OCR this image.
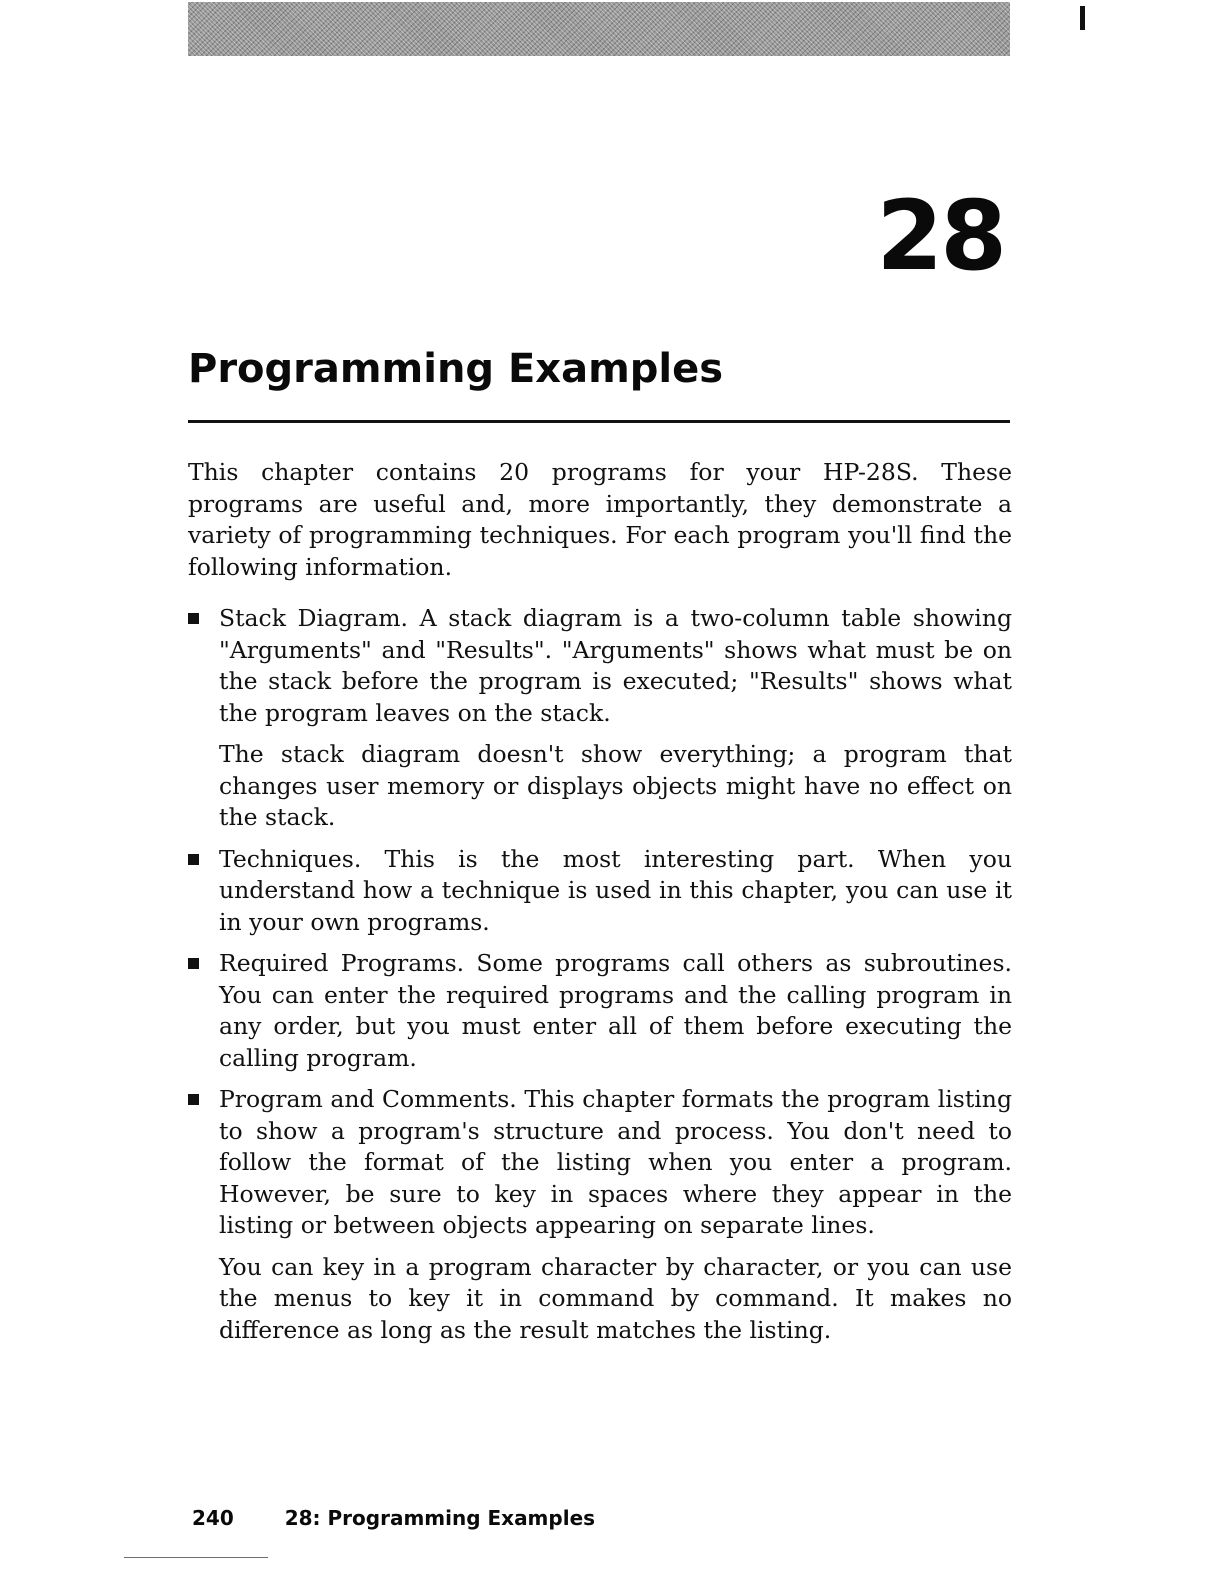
28
Programming Examples

This chapter contains 20 programs for your HP-28S. These programs are useful and, more importantly, they demonstrate a variety of programming techniques. For each program you'll find the following information.

Stack Diagram. A stack diagram is a two-column table showing "Arguments" and "Results". "Arguments" shows what must be on the stack before the program is executed; "Results" shows what the program leaves on the stack.

The stack diagram doesn't show everything; a program that changes user memory or displays objects might have no effect on the stack.

Techniques. This is the most interesting part. When you understand how a technique is used in this chapter, you can use it in your own programs.

Required Programs. Some programs call others as subroutines. You can enter the required programs and the calling program in any order, but you must enter all of them before executing the calling program.

Program and Comments. This chapter formats the program listing to show a program's structure and process. You don't need to follow the format of the listing when you enter a program. However, be sure to key in spaces where they appear in the listing or between objects appearing on separate lines.

You can key in a program character by character, or you can use the menus to key it in command by command. It makes no difference as long as the result matches the listing.

240	28: Programming Examples
